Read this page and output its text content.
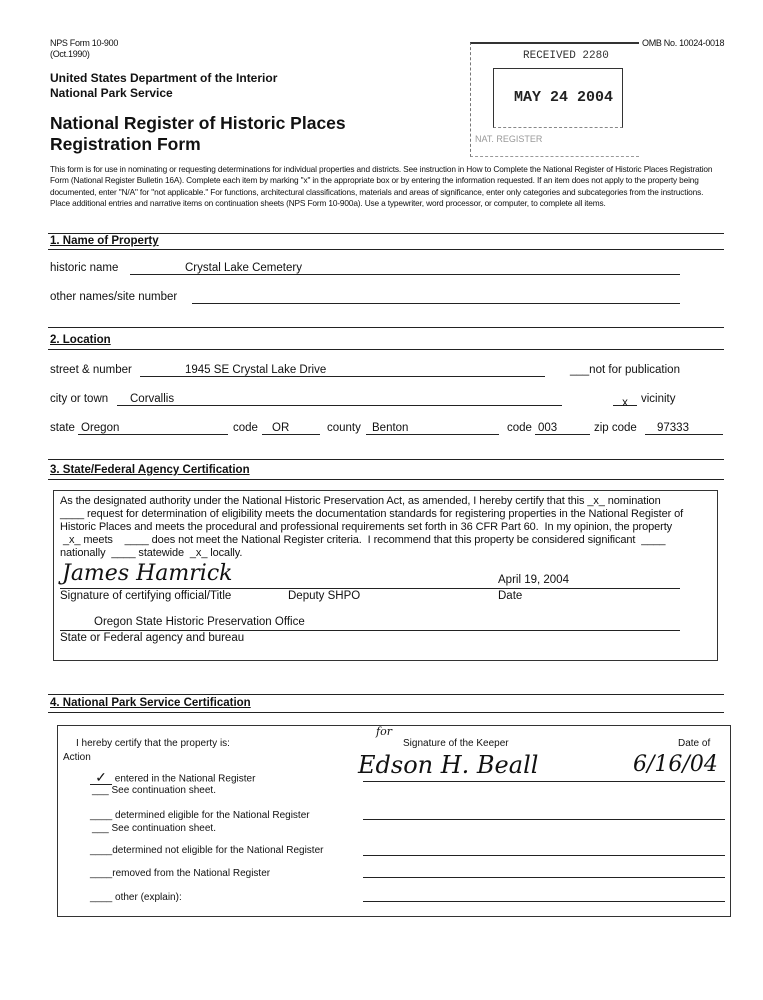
NPS Form 10-900
(Oct.1990)
OMB No. 10024-0018
United States Department of the Interior
National Park Service
National Register of Historic Places
Registration Form
RECEIVED 2280
MAY 24 2004
NAT. REGISTER
This form is for use in nominating or requesting determinations for individual properties and districts. See instruction in How to Complete the National Register of Historic Places Registration Form (National Register Bulletin 16A). Complete each item by marking "x" in the appropriate box or by entering the information requested. If an item does not apply to the property being documented, enter "N/A" for "not applicable." For functions, architectural classifications, materials and areas of significance, enter only categories and subcategories from the instructions. Place additional entries and narrative items on continuation sheets (NPS Form 10-900a). Use a typewriter, word processor, or computer, to complete all items.
1. Name of Property
historic name	Crystal Lake Cemetery
other names/site number
2. Location
street & number	1945 SE Crystal Lake Drive	___not for publication
city or town Corvallis	x	vicinity
state Oregon	code OR	county Benton	code 003	zip code 97333
3. State/Federal Agency Certification
As the designated authority under the National Historic Preservation Act, as amended, I hereby certify that this _x_ nomination
____ request for determination of eligibility meets the documentation standards for registering properties in the National Register of
Historic Places and meets the procedural and professional requirements set forth in 36 CFR Part 60.  In my opinion, the property
_x_ meets    ____ does not meet the National Register criteria.  I recommend that this property be considered significant  ____
nationally  ____ statewide  _x_ locally.
James Hamrick	April 19, 2004
Signature of certifying official/Title	Deputy SHPO	Date
Oregon State Historic Preservation Office
State or Federal agency and bureau
4. National Park Service Certification
I hereby certify that the property is:
Action
✓ entered in the National Register
___ See continuation sheet.
____ determined eligible for the National Register
___ See continuation sheet.
____determined not eligible for the National Register
____removed from the National Register
____ other (explain):
for
Signature of the Keeper	Date of
Edson H. Beall	6/16/04
